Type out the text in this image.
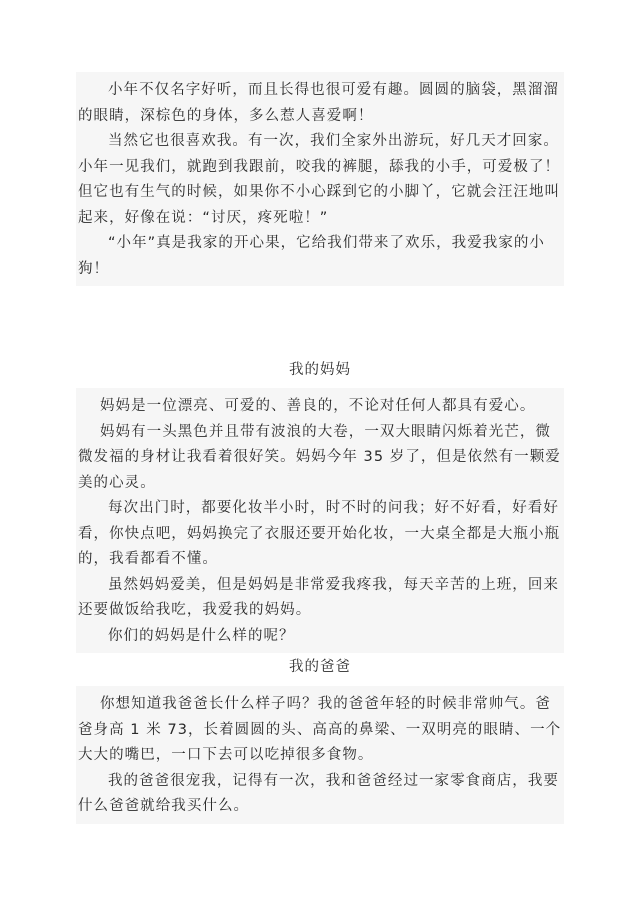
小年不仅名字好听，而且长得也很可爱有趣。圆圆的脑袋，黑溜溜的眼睛，深棕色的身体，多么惹人喜爱啊！

当然它也很喜欢我。有一次，我们全家外出游玩，好几天才回家。小年一见我们，就跑到我跟前，咬我的裤腿，舔我的小手，可爱极了！但它也有生气的时候，如果你不小心踩到它的小脚丫，它就会汪汪地叫起来，好像在说：“讨厌，疼死啦！”

“小年”真是我家的开心果，它给我们带来了欢乐，我爱我家的小狗！

我的妈妈

妈妈是一位漂亮、可爱的、善良的，不论对任何人都具有爱心。

妈妈有一头黑色并且带有波浪的大卷，一双大眼睛闪烁着光芒，微微发福的身材让我看着很好笑。妈妈今年 35 岁了，但是依然有一颗爱美的心灵。

每次出门时，都要化妆半小时，时不时的问我；好不好看，好看好看，你快点吧，妈妈换完了衣服还要开始化妆，一大桌全都是大瓶小瓶的，我看都看不懂。

虽然妈妈爱美，但是妈妈是非常爱我疼我，每天辛苦的上班，回来还要做饭给我吃，我爱我的妈妈。

你们的妈妈是什么样的呢？

我的爸爸

你想知道我爸爸长什么样子吗？我的爸爸年轻的时候非常帅气。爸爸身高 1 米 73，长着圆圆的头、高高的鼻梁、一双明亮的眼睛、一个大大的嘴巴，一口下去可以吃掉很多食物。

我的爸爸很宠我，记得有一次，我和爸爸经过一家零食商店，我要什么爸爸就给我买什么。
